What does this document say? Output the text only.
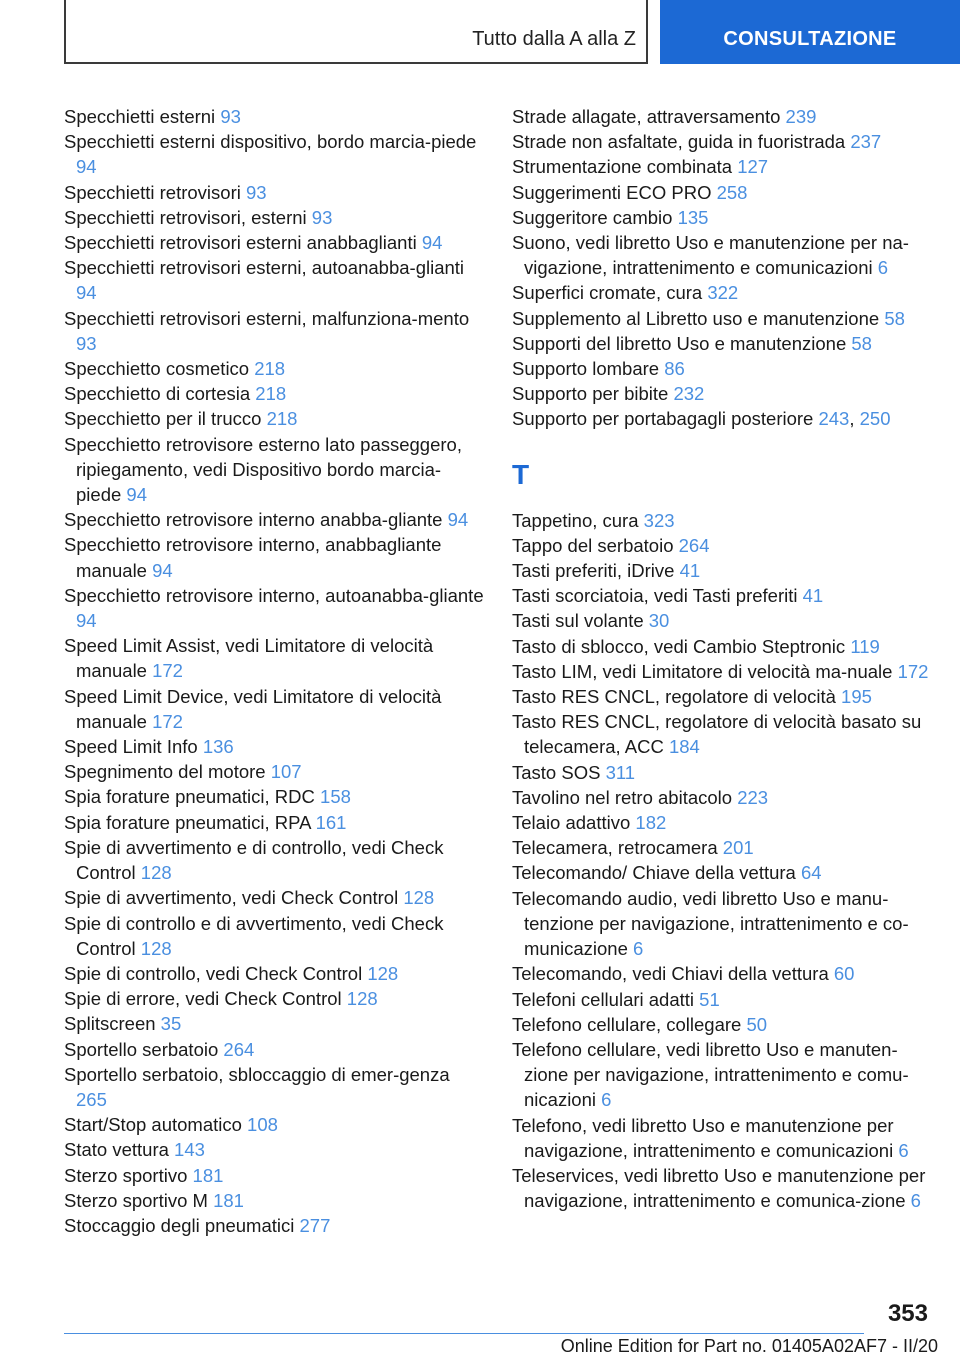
Tutto dalla A alla Z	CONSULTAZIONE
Specchietti esterni 93
Specchietti esterni dispositivo, bordo marcia‐piede 94
Specchietti retrovisori 93
Specchietti retrovisori, esterni 93
Specchietti retrovisori esterni anabbaglianti 94
Specchietti retrovisori esterni, autoanabba‐glianti 94
Specchietti retrovisori esterni, malfunziona‐mento 93
Specchietto cosmetico 218
Specchietto di cortesia 218
Specchietto per il trucco 218
Specchietto retrovisore esterno lato passeggero, ripiegamento, vedi Dispositivo bordo marcia‐piede 94
Specchietto retrovisore interno anabba‐gliante 94
Specchietto retrovisore interno, anabbagliante manuale 94
Specchietto retrovisore interno, autoanabba‐gliante 94
Speed Limit Assist, vedi Limitatore di velocità manuale 172
Speed Limit Device, vedi Limitatore di velocità manuale 172
Speed Limit Info 136
Spegnimento del motore 107
Spia forature pneumatici, RDC 158
Spia forature pneumatici, RPA 161
Spie di avvertimento e di controllo, vedi Check Control 128
Spie di avvertimento, vedi Check Control 128
Spie di controllo e di avvertimento, vedi Check Control 128
Spie di controllo, vedi Check Control 128
Spie di errore, vedi Check Control 128
Splitscreen 35
Sportello serbatoio 264
Sportello serbatoio, sbloccaggio di emer‐genza 265
Start/Stop automatico 108
Stato vettura 143
Sterzo sportivo 181
Sterzo sportivo M 181
Stoccaggio degli pneumatici 277
Strade allagate, attraversamento 239
Strade non asfaltate, guida in fuoristrada 237
Strumentazione combinata 127
Suggerimenti ECO PRO 258
Suggeritore cambio 135
Suono, vedi libretto Uso e manutenzione per na‐vigazione, intrattenimento e comunicazioni 6
Superfici cromate, cura 322
Supplemento al Libretto uso e manutenzione 58
Supporti del libretto Uso e manutenzione 58
Supporto lombare 86
Supporto per bibite 232
Supporto per portabagagli posteriore 243, 250
T
Tappetino, cura 323
Tappo del serbatoio 264
Tasti preferiti, iDrive 41
Tasti scorciatoia, vedi Tasti preferiti 41
Tasti sul volante 30
Tasto di sblocco, vedi Cambio Steptronic 119
Tasto LIM, vedi Limitatore di velocità ma‐nuale 172
Tasto RES CNCL, regolatore di velocità 195
Tasto RES CNCL, regolatore di velocità basato su telecamera, ACC 184
Tasto SOS 311
Tavolino nel retro abitacolo 223
Telaio adattivo 182
Telecamera, retrocamera 201
Telecomando/ Chiave della vettura 64
Telecomando audio, vedi libretto Uso e manu‐tenzione per navigazione, intrattenimento e co‐municazione 6
Telecomando, vedi Chiavi della vettura 60
Telefoni cellulari adatti 51
Telefono cellulare, collegare 50
Telefono cellulare, vedi libretto Uso e manuten‐zione per navigazione, intrattenimento e comu‐nicazioni 6
Telefono, vedi libretto Uso e manutenzione per navigazione, intrattenimento e comunicazioni 6
Teleservices, vedi libretto Uso e manutenzione per navigazione, intrattenimento e comunica‐zione 6
353
Online Edition for Part no. 01405A02AF7 - II/20
